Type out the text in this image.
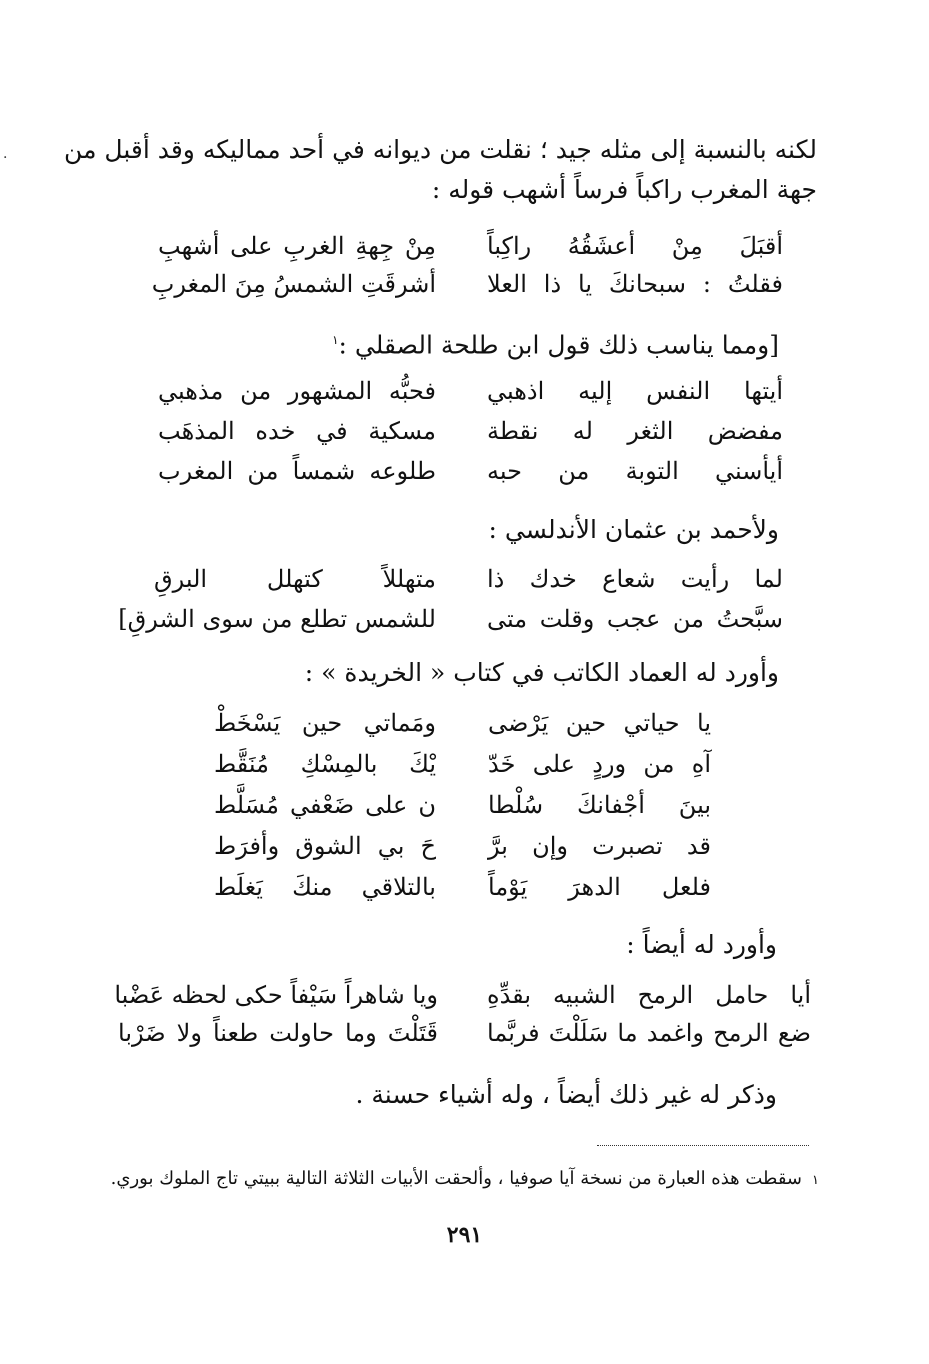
· لكنه بالنسبة إلى مثله جيد ؛ نقلت من ديوانه في أحد مماليكه وقد أقبل من
جهة المغرب راكباً فرساً أشهب قوله :
أقبَلَ مِنْ أعشَقُهُ راكِباً
مِنْ جِهةِ الغربِ على أشهبِ
فقلتُ : سبحانكَ يا ذا العلا
أشرقَتِ الشمسُ مِنَ المغربِ
[ومما يناسب ذلك قول ابن طلحة الصقلي :$^١$
أيتها النفس إليه اذهبي
فحبُّه المشهور من مذهبي
مفضض الثغر له نقطة
مسكية في خده المذهَب
أيأسني التوبة من حبه
طلوعه شمساً من المغرب
ولأحمد بن عثمان الأندلسي :
لما رأيت شعاع خدك ذا
متهللاً كتهلل البرقِ
سبَّحتُ من عجب وقلت متى
للشمس تطلع من سوى الشرقِ]
وأورد له العماد الكاتب في كتاب « الخريدة » :
يا حياتي حين يَرْضى
ومَماتي حين يَسْخَطْ
آهِ من وردٍ على خَدّ
يْكَ بالمِسْكِ مُنَقَّط
بينَ أجْفانكَ سُلْطا
ن على ضَعْفي مُسَلَّط
قد تصبرت وإن برَّ
حَ بي الشوق وأفرَط
فلعل الدهرَ يَوْماً
بالتلاقي منكَ يَغلَط
وأورد له أيضاً :
أيا حامل الرمح الشبيه بقدِّهِ
ويا شاهراً سَيْفاً حكى لحظه عَضْبا
ضع الرمح واغمد ما سَلَلْتَ فربَّما
قَتَلْتَ وما حاولت طعناً ولا ضَرْبا
وذكر له غير ذلك أيضاً ، وله أشياء حسنة .
١سقطت هذه العبارة من نسخة آيا صوفيا ، وألحقت الأبيات الثلاثة التالية ببيتي تاج الملوك بوري.
٢٩١
